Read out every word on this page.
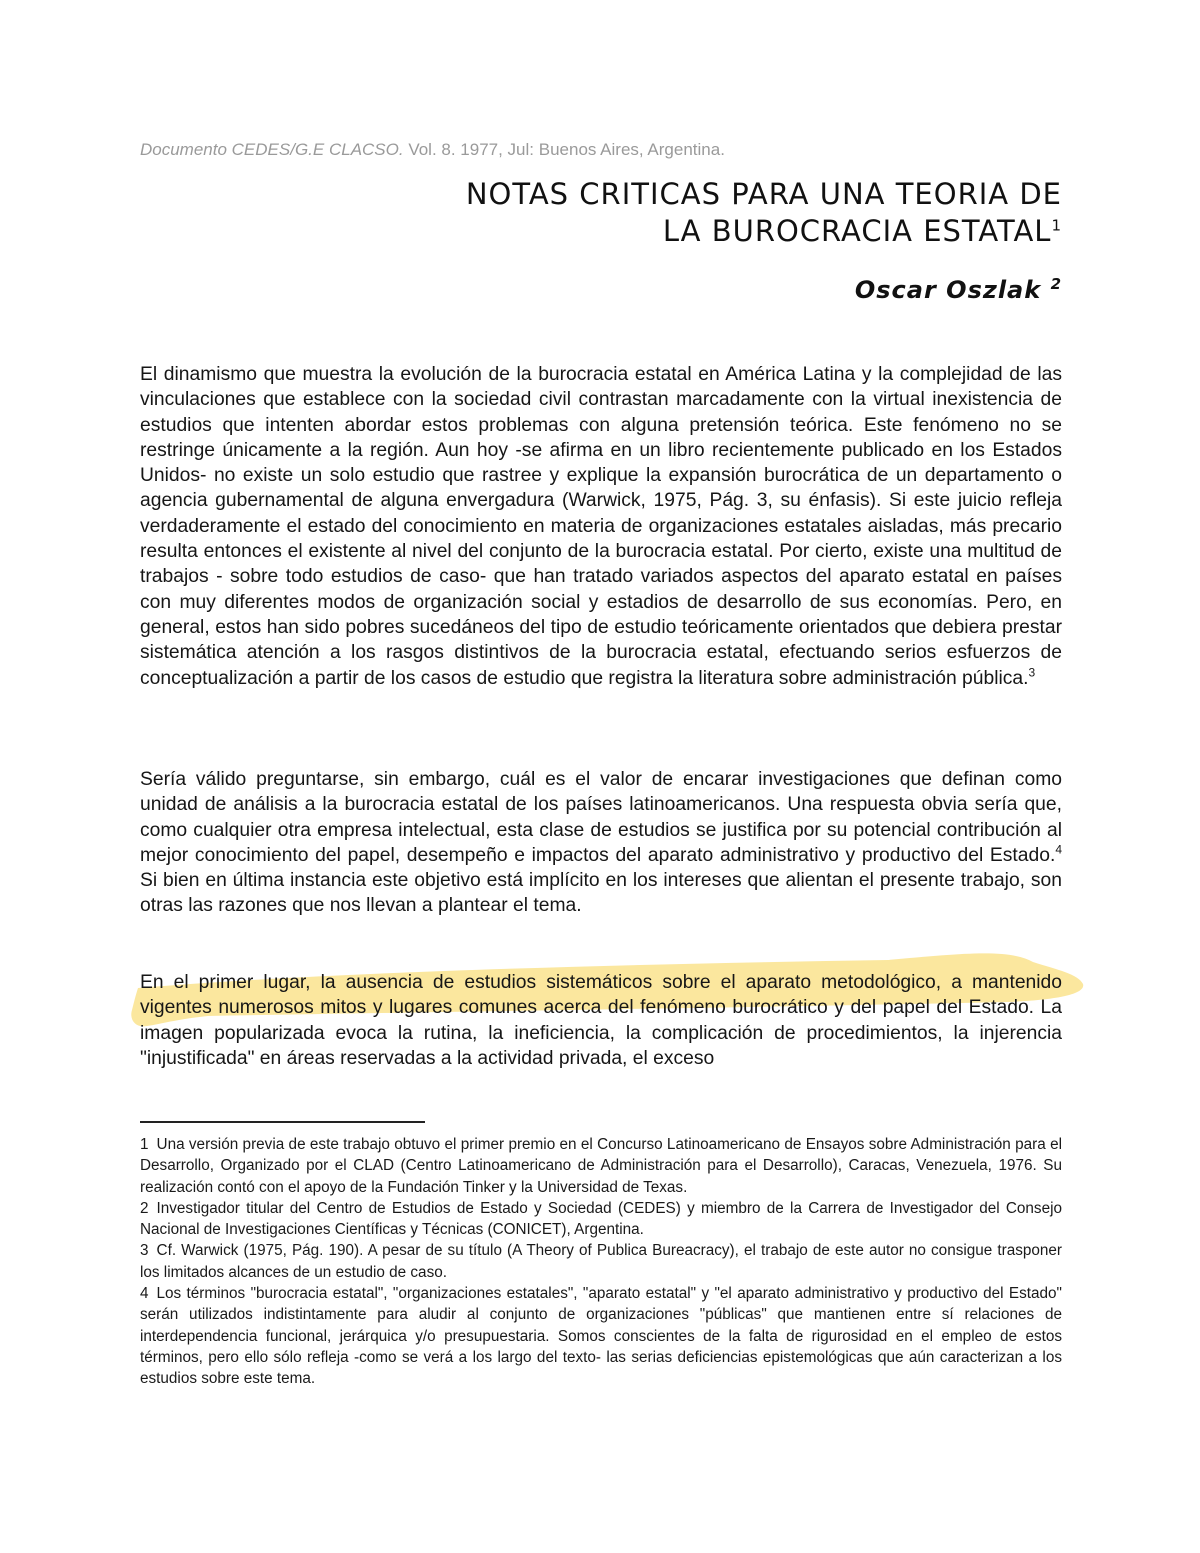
Documento CEDES/G.E CLACSO. Vol. 8. 1977, Jul: Buenos Aires, Argentina.
NOTAS CRITICAS PARA UNA TEORIA DE
LA BUROCRACIA ESTATAL$^1$
Oscar Oszlak $^2$
El dinamismo que muestra la evolución de la burocracia estatal en América Latina y la complejidad de las vinculaciones que establece con la sociedad civil contrastan marcadamente con la virtual inexistencia de estudios que intenten abordar estos problemas con alguna pretensión teórica. Este fenómeno no se restringe únicamente a la región. Aun hoy -se afirma en un libro recientemente publicado en los Estados Unidos- no existe un solo estudio que rastree y explique la expansión burocrática de un departamento o agencia gubernamental de alguna envergadura (Warwick, 1975, Pág. 3, su énfasis). Si este juicio refleja verdaderamente el estado del conocimiento en materia de organizaciones estatales aisladas, más precario resulta entonces el existente al nivel del conjunto de la burocracia estatal. Por cierto, existe una multitud de trabajos - sobre todo estudios de caso- que han tratado variados aspectos del aparato estatal en países con muy diferentes modos de organización social y estadios de desarrollo de sus economías. Pero, en general, estos han sido pobres sucedáneos del tipo de estudio teóricamente orientados que debiera prestar sistemática atención a los rasgos distintivos de la burocracia estatal, efectuando serios esfuerzos de conceptualización a partir de los casos de estudio que registra la literatura sobre administración pública.$^3$
Sería válido preguntarse, sin embargo, cuál es el valor de encarar investigaciones que definan como unidad de análisis a la burocracia estatal de los países latinoamericanos. Una respuesta obvia sería que, como cualquier otra empresa intelectual, esta clase de estudios se justifica por su potencial contribución al mejor conocimiento del papel, desempeño e impactos del aparato administrativo y productivo del Estado.$^4$ Si bien en última instancia este objetivo está implícito en los intereses que alientan el presente trabajo, son otras las razones que nos llevan a plantear el tema.
En el primer lugar, la ausencia de estudios sistemáticos sobre el aparato metodológico, a mantenido vigentes numerosos mitos y lugares comunes acerca del fenómeno burocrático y del papel del Estado. La imagen popularizada evoca la rutina, la ineficiencia, la complicación de procedimientos, la injerencia "injustificada" en áreas reservadas a la actividad privada, el exceso
1 Una versión previa de este trabajo obtuvo el primer premio en el Concurso Latinoamericano de Ensayos sobre Administración para el Desarrollo, Organizado por el CLAD (Centro Latinoamericano de Administración para el Desarrollo), Caracas, Venezuela, 1976. Su realización contó con el apoyo de la Fundación Tinker y la Universidad de Texas.
2 Investigador titular del Centro de Estudios de Estado y Sociedad (CEDES) y miembro de la Carrera de Investigador del Consejo Nacional de Investigaciones Científicas y Técnicas (CONICET), Argentina.
3 Cf. Warwick (1975, Pág. 190). A pesar de su título (A Theory of Publica Bureacracy), el trabajo de este autor no consigue trasponer los limitados alcances de un estudio de caso.
4 Los términos "burocracia estatal", "organizaciones estatales", "aparato estatal" y "el aparato administrativo y productivo del Estado" serán utilizados indistintamente para aludir al conjunto de organizaciones "públicas" que mantienen entre sí relaciones de interdependencia funcional, jerárquica y/o presupuestaria. Somos conscientes de la falta de rigurosidad en el empleo de estos términos, pero ello sólo refleja -como se verá a los largo del texto- las serias deficiencias epistemológicas que aún caracterizan a los estudios sobre este tema.
